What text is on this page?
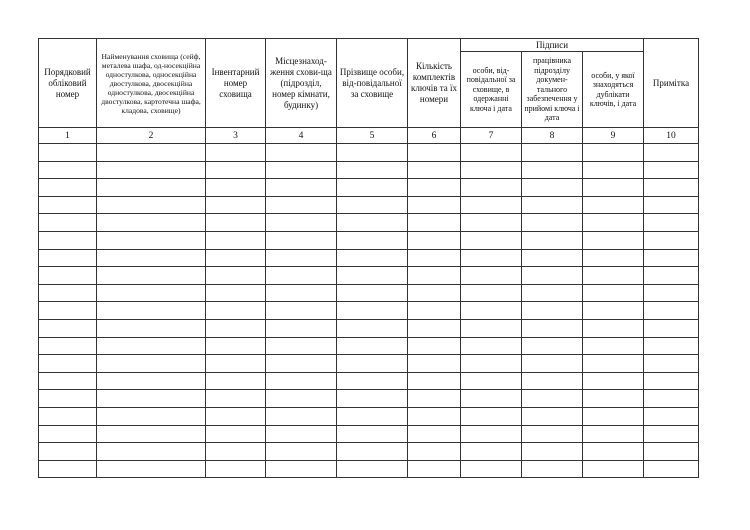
Порядковий обліковий номер	Найменування сховища (сейф, металева шафа, од-носекційна одностулкова, односекційна двостулкова, двосекційна одностулкова, двосекційна двостулкова, картотечна шафа, кладова, сховище)	Інвентарний номер сховища	Місцезнаход-ження схови-ща (підрозділ, номер кімнати, будинку)	Прізвище особи, від-повідальної за сховище	Кількість комплектів ключів та їх номери	Підписи			Примітка
						особи, від-повідальної за сховище, в одержанні ключа і дата	працівника підрозділу докумен-тального забезпечення у прийомі ключа і дата	особи, у якої знаходяться дублікати ключів, і дата	
1	2	3	4	5	6	7	8	9	10
